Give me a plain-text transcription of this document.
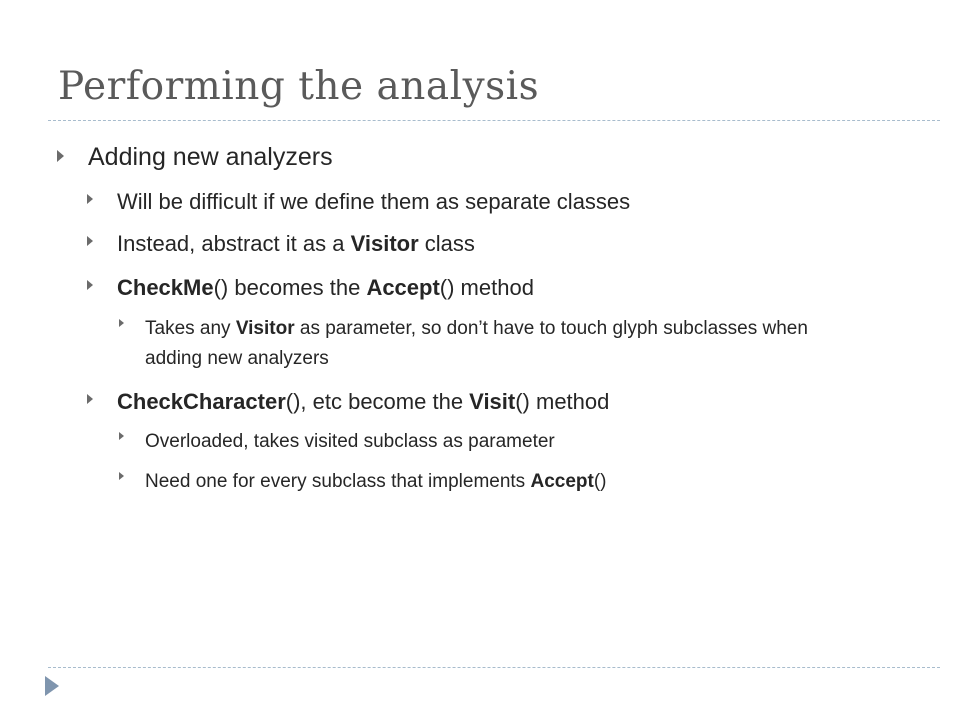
Performing the analysis
Adding new analyzers
Will be difficult if we define them as separate classes
Instead, abstract it as a Visitor class
CheckMe() becomes the Accept() method
Takes any Visitor as parameter, so don’t have to touch glyph subclasses when adding new analyzers
CheckCharacter(), etc become the Visit() method
Overloaded, takes visited subclass as parameter
Need one for every subclass that implements Accept()
